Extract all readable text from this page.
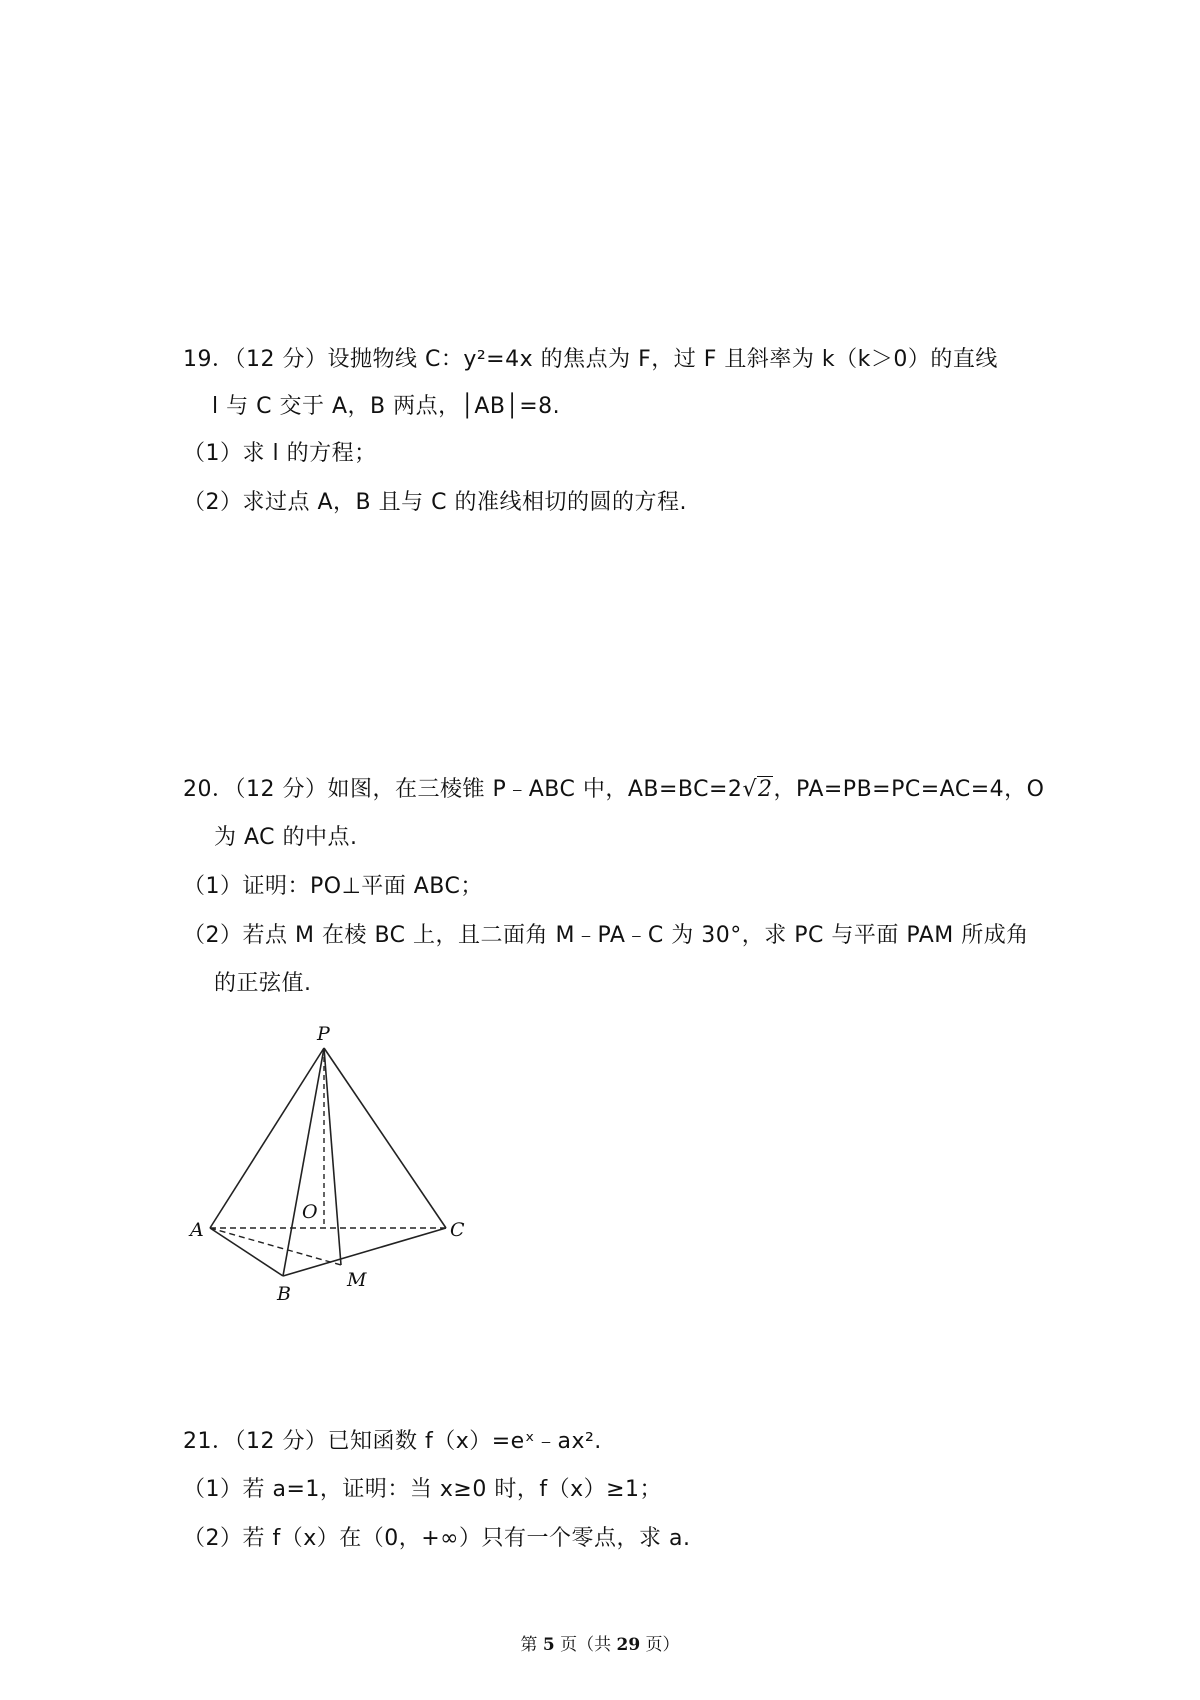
19．（12 分）设抛物线 C：y²=4x 的焦点为 F，过 F 且斜率为 k（k＞0）的直线
l 与 C 交于 A，B 两点，│AB│=8.
（1）求 l 的方程；
（2）求过点 A，B 且与 C 的准线相切的圆的方程.
20．（12 分）如图，在三棱锥 P﹣ABC 中，AB=BC=2√2，PA=PB=PC=AC=4，O
为 AC 的中点.
（1）证明：PO⊥平面 ABC；
（2）若点 M 在棱 BC 上，且二面角 M﹣PA﹣C 为 30°，求 PC 与平面 PAM 所成角
的正弦值.
P
A
B
C
O
M
21．（12 分）已知函数 f（x）=eˣ﹣ax².
（1）若 a=1，证明：当 x≥0 时，f（x）≥1；
（2）若 f（x）在（0，+∞）只有一个零点，求 a.
第 5 页（共 29 页）
